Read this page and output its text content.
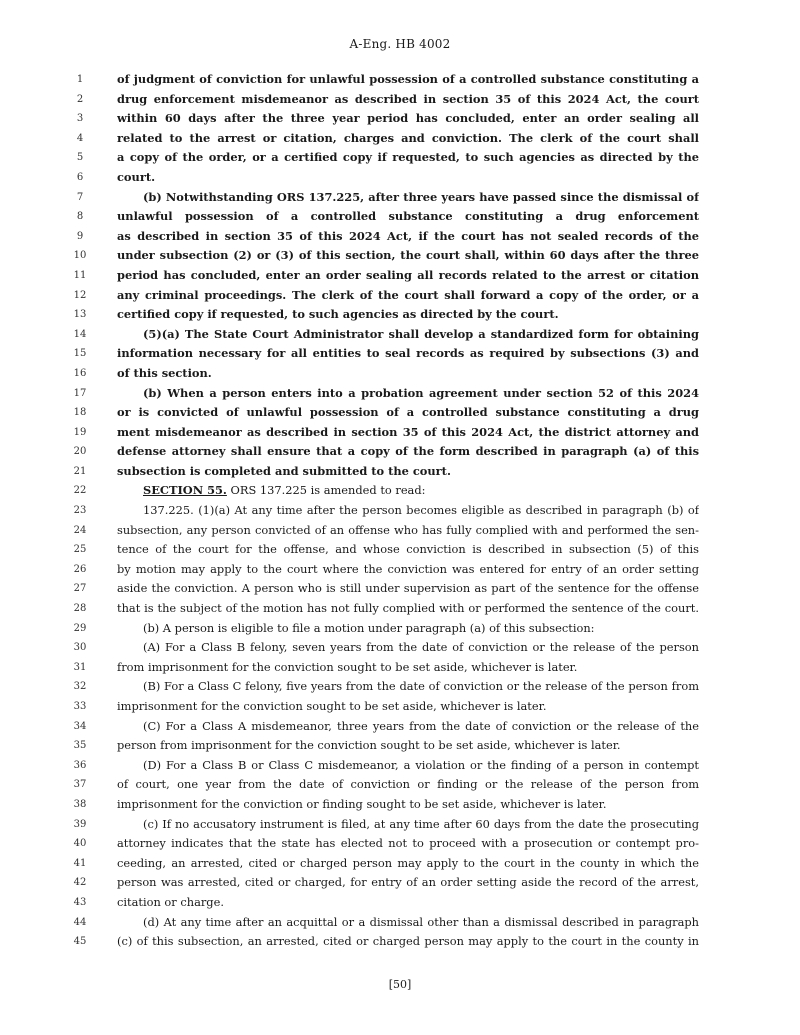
A-Eng. HB 4002
1	of judgment of conviction for unlawful possession of a controlled substance constituting a
2	drug enforcement misdemeanor as described in section 35 of this 2024 Act, the court
3	within 60 days after the three year period has concluded, enter an order sealing all
4	related to the arrest or citation, charges and conviction. The clerk of the court shall
5	a copy of the order, or a certified copy if requested, to such agencies as directed by the
6	court.
7	(b) Notwithstanding ORS 137.225, after three years have passed since the dismissal of
8	unlawful possession of a controlled substance constituting a drug enforcement
9	as described in section 35 of this 2024 Act, if the court has not sealed records of the
10	under subsection (2) or (3) of this section, the court shall, within 60 days after the three
11	period has concluded, enter an order sealing all records related to the arrest or citation
12	any criminal proceedings. The clerk of the court shall forward a copy of the order, or a
13	certified copy if requested, to such agencies as directed by the court.
14	(5)(a) The State Court Administrator shall develop a standardized form for obtaining
15	information necessary for all entities to seal records as required by subsections (3) and
16	of this section.
17	(b) When a person enters into a probation agreement under section 52 of this 2024
18	or is convicted of unlawful possession of a controlled substance constituting a drug
19	ment misdemeanor as described in section 35 of this 2024 Act, the district attorney and
20	defense attorney shall ensure that a copy of the form described in paragraph (a) of this
21	subsection is completed and submitted to the court.
22	SECTION 55. ORS 137.225 is amended to read:
23	137.225. (1)(a) At any time after the person becomes eligible as described in paragraph (b) of
24	subsection, any person convicted of an offense who has fully complied with and performed the sen-
25	tence of the court for the offense, and whose conviction is described in subsection (5) of this
26	by motion may apply to the court where the conviction was entered for entry of an order setting
27	aside the conviction. A person who is still under supervision as part of the sentence for the offense
28	that is the subject of the motion has not fully complied with or performed the sentence of the court.
29	(b) A person is eligible to file a motion under paragraph (a) of this subsection:
30	(A) For a Class B felony, seven years from the date of conviction or the release of the person
31	from imprisonment for the conviction sought to be set aside, whichever is later.
32	(B) For a Class C felony, five years from the date of conviction or the release of the person from
33	imprisonment for the conviction sought to be set aside, whichever is later.
34	(C) For a Class A misdemeanor, three years from the date of conviction or the release of the
35	person from imprisonment for the conviction sought to be set aside, whichever is later.
36	(D) For a Class B or Class C misdemeanor, a violation or the finding of a person in contempt
37	of court, one year from the date of conviction or finding or the release of the person from
38	imprisonment for the conviction or finding sought to be set aside, whichever is later.
39	(c) If no accusatory instrument is filed, at any time after 60 days from the date the prosecuting
40	attorney indicates that the state has elected not to proceed with a prosecution or contempt pro-
41	ceeding, an arrested, cited or charged person may apply to the court in the county in which the
42	person was arrested, cited or charged, for entry of an order setting aside the record of the arrest,
43	citation or charge.
44	(d) At any time after an acquittal or a dismissal other than a dismissal described in paragraph
45	(c) of this subsection, an arrested, cited or charged person may apply to the court in the county in
[50]
